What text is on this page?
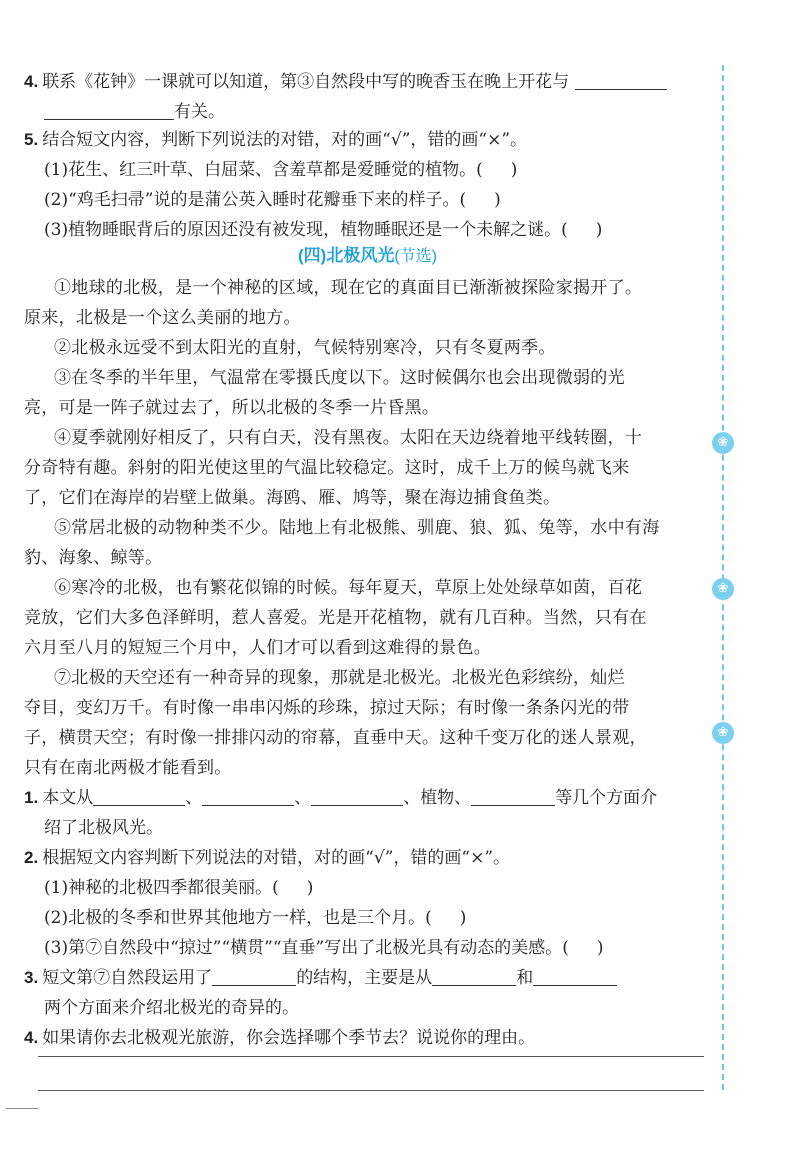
4. 联系《花钟》一课就可以知道，第③自然段中写的晚香玉在晚上开花与
有关。
5. 结合短文内容，判断下列说法的对错，对的画“√”，错的画“×”。
(1)花生、红三叶草、白屈菜、含羞草都是爱睡觉的植物。( )
(2)“鸡毛扫帚”说的是蒲公英入睡时花瓣垂下来的样子。( )
(3)植物睡眠背后的原因还没有被发现，植物睡眠还是一个未解之谜。( )
(四)北极风光(节选)
①地球的北极，是一个神秘的区域，现在它的真面目已渐渐被探险家揭开了。
原来，北极是一个这么美丽的地方。
②北极永远受不到太阳光的直射，气候特别寒冷，只有冬夏两季。
③在冬季的半年里，气温常在零摄氏度以下。这时候偶尔也会出现微弱的光
亮，可是一阵子就过去了，所以北极的冬季一片昏黑。
④夏季就刚好相反了，只有白天，没有黑夜。太阳在天边绕着地平线转圈，十
分奇特有趣。斜射的阳光使这里的气温比较稳定。这时，成千上万的候鸟就飞来
了，它们在海岸的岩壁上做巢。海鸥、雁、鸠等，聚在海边捕食鱼类。
⑤常居北极的动物种类不少。陆地上有北极熊、驯鹿、狼、狐、兔等，水中有海
豹、海象、鲸等。
⑥寒冷的北极，也有繁花似锦的时候。每年夏天，草原上处处绿草如茵，百花
竞放，它们大多色泽鲜明，惹人喜爱。光是开花植物，就有几百种。当然，只有在
六月至八月的短短三个月中，人们才可以看到这难得的景色。
⑦北极的天空还有一种奇异的现象，那就是北极光。北极光色彩缤纷，灿烂
夺目，变幻万千。有时像一串串闪烁的珍珠，掠过天际；有时像一条条闪光的带
子，横贯天空；有时像一排排闪动的帘幕，直垂中天。这种千变万化的迷人景观，
只有在南北两极才能看到。
1. 本文从	、	、	、植物、	等几个方面介
绍了北极风光。
2. 根据短文内容判断下列说法的对错，对的画“√”，错的画“×”。
(1)神秘的北极四季都很美丽。( )
(2)北极的冬季和世界其他地方一样，也是三个月。( )
(3)第⑦自然段中“掠过”“横贯”“直垂”写出了北极光具有动态的美感。( )
3. 短文第⑦自然段运用了	的结构，主要是从	和
两个方面来介绍北极光的奇异的。
4. 如果请你去北极观光旅游，你会选择哪个季节去？说说你的理由。
❀
❀
❀
